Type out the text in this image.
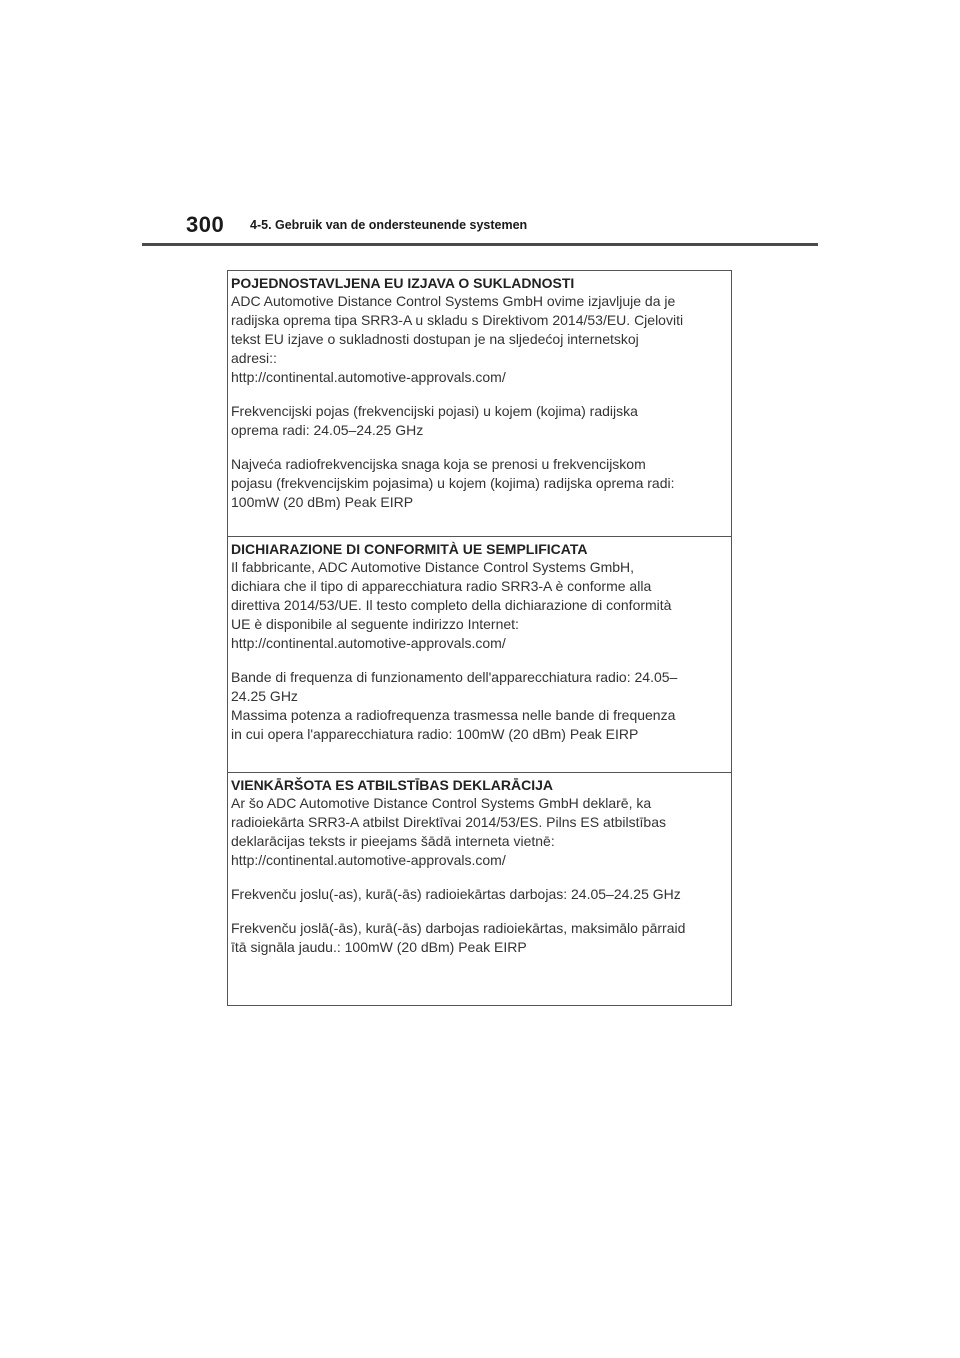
300 4-5. Gebruik van de ondersteunende systemen
POJEDNOSTAVLJENA EU IZJAVA O SUKLADNOSTI

ADC Automotive Distance Control Systems GmbH ovime izjavljuje da je
radijska oprema tipa SRR3-A u skladu s Direktivom 2014/53/EU. Cjeloviti
tekst EU izjave o sukladnosti dostupan je na sljedećoj internetskoj
adresi::
http://continental.automotive-approvals.com/

Frekvencijski pojas (frekvencijski pojasi) u kojem (kojima) radijska
oprema radi: 24.05–24.25 GHz

Najveća radiofrekvencijska snaga koja se prenosi u frekvencijskom
pojasu (frekvencijskim pojasima) u kojem (kojima) radijska oprema radi:
100mW (20 dBm) Peak EIRP

DICHIARAZIONE DI CONFORMITÀ UE SEMPLIFICATA

Il fabbricante, ADC Automotive Distance Control Systems GmbH,
dichiara che il tipo di apparecchiatura radio SRR3-A è conforme alla
direttiva 2014/53/UE. Il testo completo della dichiarazione di conformità
UE è disponibile al seguente indirizzo Internet:
http://continental.automotive-approvals.com/

Bande di frequenza di funzionamento dell'apparecchiatura radio: 24.05–
24.25 GHz
Massima potenza a radiofrequenza trasmessa nelle bande di frequenza
in cui opera l'apparecchiatura radio: 100mW (20 dBm) Peak EIRP

VIENKĀRŠOTA ES ATBILSTĪBAS DEKLARĀCIJA

Ar šo ADC Automotive Distance Control Systems GmbH deklarē, ka
radioiekārta SRR3-A atbilst Direktīvai 2014/53/ES. Pilns ES atbilstības
deklarācijas teksts ir pieejams šādā interneta vietnē:
http://continental.automotive-approvals.com/

Frekvenču joslu(-as), kurā(-ās) radioiekārtas darbojas: 24.05–24.25 GHz

Frekvenču joslā(-ās), kurā(-ās) darbojas radioiekārtas, maksimālo pārraid
ītā signāla jaudu.: 100mW (20 dBm) Peak EIRP
